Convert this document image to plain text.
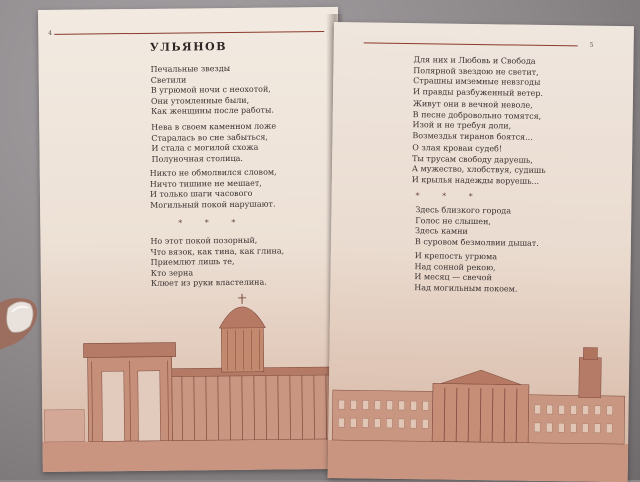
4
УЛЬЯНОВ
Печальные звезды
Светили
В угрюмой ночи с неохотой,
Они утомленные были,
Как женщины после работы.
Нева в своем каменном ложе
Старалась во сне забыться,
И стала с могилой схожа
Полуночная столица.
Никто не обмолвился словом,
Ничто тишине не мешает,
И только шаги часового
Могильный покой нарушают.
* * *
Но этот покой позорный,
Что вязок, как тина, как глина,
Приемлют лишь те,
Кто зерна
Клюет из руки властелина.
5
Для них и Любовь и Свобода
Полярной звездою не светит,
Страшны имземные невзгоды
И правды разбуженный ветер.
Живут они в вечной неволе,
В песне добровольно томятся,
Изой и не требуя доли,
Возмездья тиранов боятся...
О злая кроваи судеб!
Ты трусам свободу даруешь,
А мужество, хлобствуя, судишь
И крылья надежды воруешь...
* * *
Здесь близкого города
Голос не слышен,
Здесь камни
В суровом безмолвии дышат.
И крепость угрюма
Над сонной рекою,
И месяц — свечой
Над могильным покоем.
